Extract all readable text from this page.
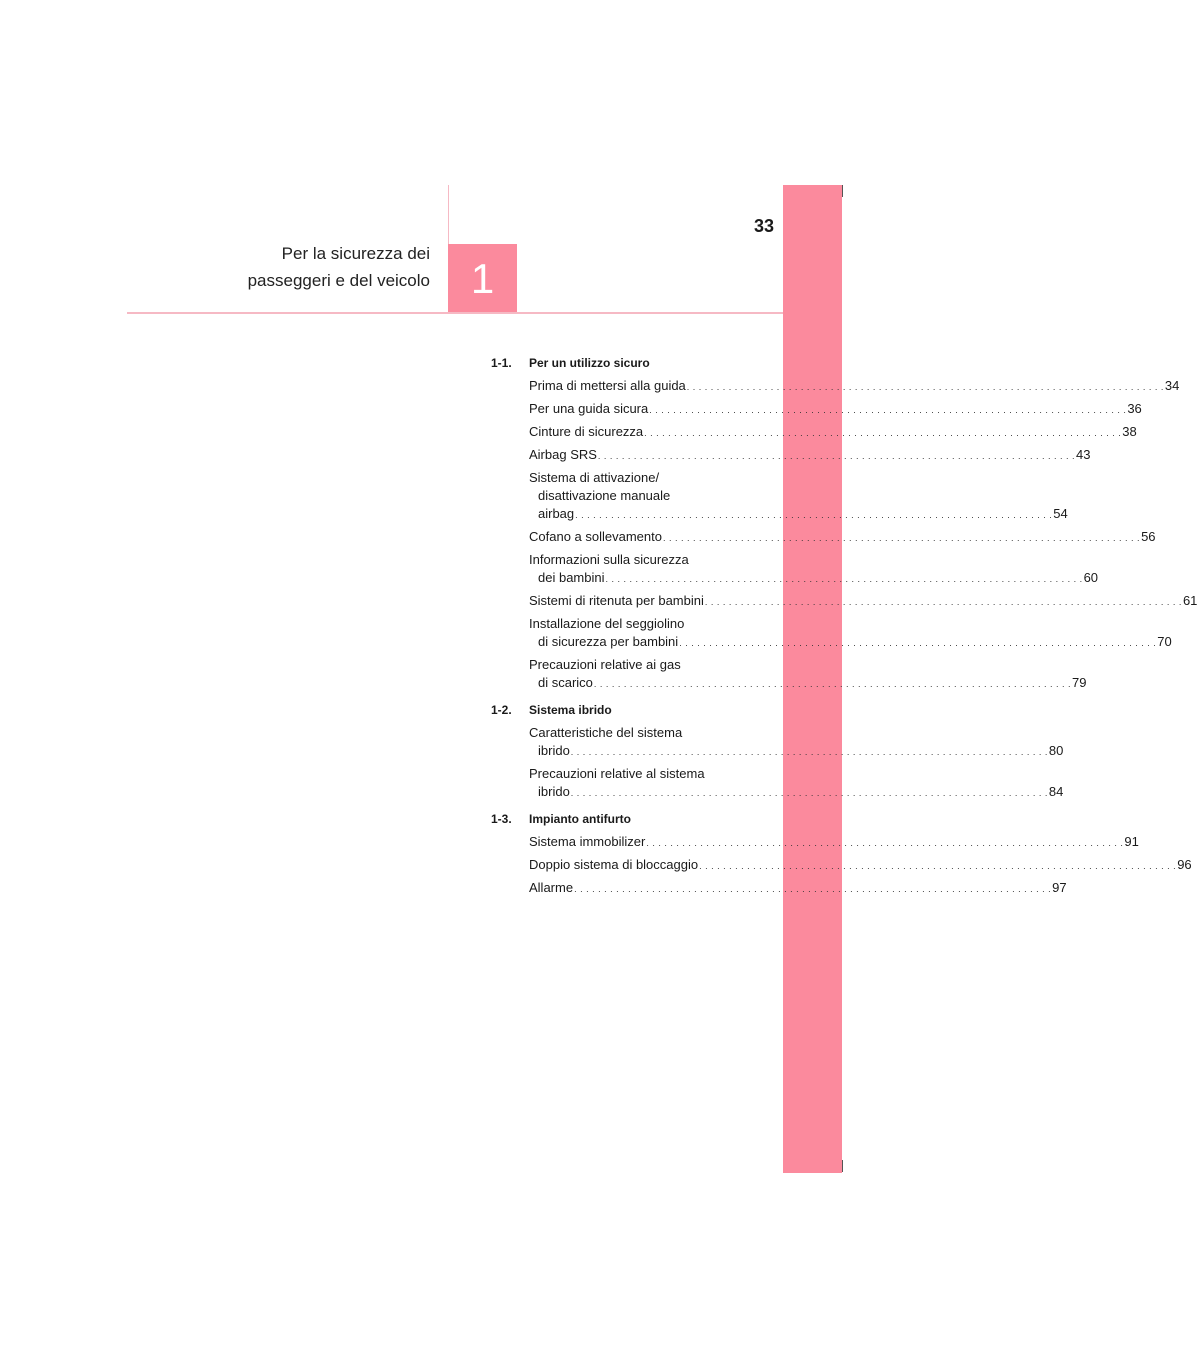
33
Per la sicurezza dei
passeggeri e del veicolo 1
1-1. Per un utilizzo sicuro
Prima di mettersi alla guida . . . . . . . . . . . . . . . . . . . . . . . . . . . . . . . . . . . . . . . . . . . . . . . . . . . . . . . . . . . . . . . . . . . . . . . . . . . . . . . . 34
Per una guida sicura . . . . . . . . . . . . . . . . . . . . . . . . . . . . . . . . . . . . . . . . . . . . . . . . . . . . . . . . . . . . . . . . . . . . . . . . . . . . . . . . 36
Cinture di sicurezza . . . . . . . . . . . . . . . . . . . . . . . . . . . . . . . . . . . . . . . . . . . . . . . . . . . . . . . . . . . . . . . . . . . . . . . . . . . . . . . . 38
Airbag SRS . . . . . . . . . . . . . . . . . . . . . . . . . . . . . . . . . . . . . . . . . . . . . . . . . . . . . . . . . . . . . . . . . . . . . . . . . . . . . . . . 43
Sistema di attivazione/
disattivazione manuale
airbag . . . . . . . . . . . . . . . . . . . . . . . . . . . . . . . . . . . . . . . . . . . . . . . . . . . . . . . . . . . . . . . . . . . . . . . . . . . . . . . . 54
Cofano a sollevamento . . . . . . . . . . . . . . . . . . . . . . . . . . . . . . . . . . . . . . . . . . . . . . . . . . . . . . . . . . . . . . . . . . . . . . . . . . . . . . . . 56
Informazioni sulla sicurezza
dei bambini . . . . . . . . . . . . . . . . . . . . . . . . . . . . . . . . . . . . . . . . . . . . . . . . . . . . . . . . . . . . . . . . . . . . . . . . . . . . . . . . 60
Sistemi di ritenuta per bambini . . . . . . . . . . . . . . . . . . . . . . . . . . . . . . . . . . . . . . . . . . . . . . . . . . . . . . . . . . . . . . . . . . . . . . . . . . . . . . . . 61
Installazione del seggiolino
di sicurezza per bambini . . . . . . . . . . . . . . . . . . . . . . . . . . . . . . . . . . . . . . . . . . . . . . . . . . . . . . . . . . . . . . . . . . . . . . . . . . . . . . . . 70
Precauzioni relative ai gas
di scarico . . . . . . . . . . . . . . . . . . . . . . . . . . . . . . . . . . . . . . . . . . . . . . . . . . . . . . . . . . . . . . . . . . . . . . . . . . . . . . . . 79
1-2. Sistema ibrido
Caratteristiche del sistema
ibrido . . . . . . . . . . . . . . . . . . . . . . . . . . . . . . . . . . . . . . . . . . . . . . . . . . . . . . . . . . . . . . . . . . . . . . . . . . . . . . . . 80
Precauzioni relative al sistema
ibrido . . . . . . . . . . . . . . . . . . . . . . . . . . . . . . . . . . . . . . . . . . . . . . . . . . . . . . . . . . . . . . . . . . . . . . . . . . . . . . . . 84
1-3. Impianto antifurto
Sistema immobilizer . . . . . . . . . . . . . . . . . . . . . . . . . . . . . . . . . . . . . . . . . . . . . . . . . . . . . . . . . . . . . . . . . . . . . . . . . . . . . . . . 91
Doppio sistema di bloccaggio . . . . . . . . . . . . . . . . . . . . . . . . . . . . . . . . . . . . . . . . . . . . . . . . . . . . . . . . . . . . . . . . . . . . . . . . . . . . . . . . 96
Allarme . . . . . . . . . . . . . . . . . . . . . . . . . . . . . . . . . . . . . . . . . . . . . . . . . . . . . . . . . . . . . . . . . . . . . . . . . . . . . . . . 97
